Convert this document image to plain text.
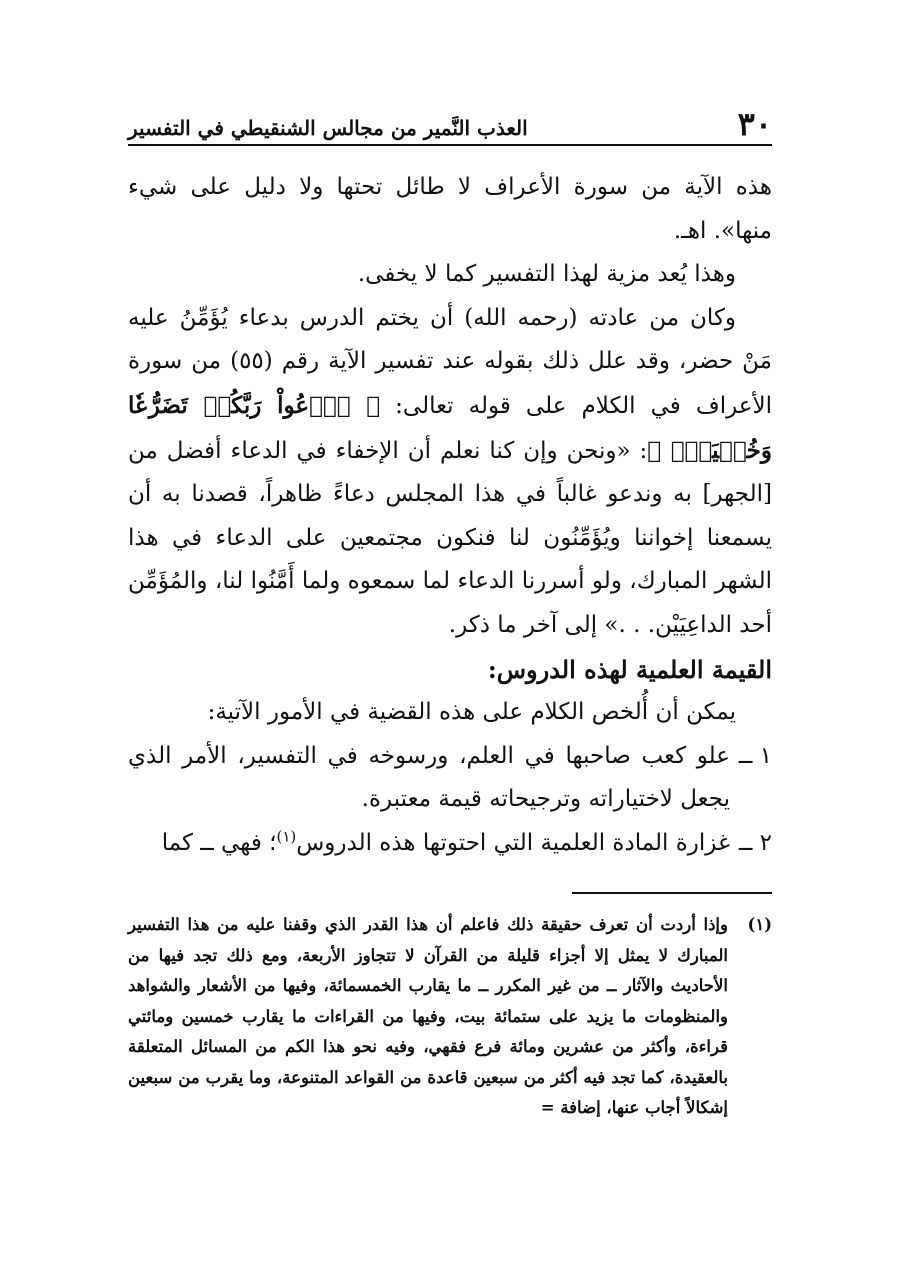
٣٠
العذب النَّمير من مجالس الشنقيطي في التفسير

هذه الآية من سورة الأعراف لا طائل تحتها ولا دليل على شيء منها». اهـ.

وهذا يُعد مزية لهذا التفسير كما لا يخفى.

وكان من عادته (رحمه الله) أن يختم الدرس بدعاء يُؤَمِّنُ عليه مَنْ حضر، وقد علل ذلك بقوله عند تفسير الآية رقم (٥٥) من سورة الأعراف في الكلام على قوله تعالى: ﴿ ٱدۡعُواْ رَبَّكُمۡ تَضَرُّعٗا وَخُفۡيَةًۚ ﴾: «ونحن وإن كنا نعلم أن الإخفاء في الدعاء أفضل من [الجهر] به وندعو غالباً في هذا المجلس دعاءً ظاهراً، قصدنا به أن يسمعنا إخواننا ويُؤَمِّنُون لنا فنكون مجتمعين على الدعاء في هذا الشهر المبارك، ولو أسررنا الدعاء لما سمعوه ولما أَمَّنُوا لنا، والمُؤَمِّن أحد الداعِيَيْن. . .» إلى آخر ما ذكر.

القيمة العلمية لهذه الدروس:

يمكن أن أُلخص الكلام على هذه القضية في الأمور الآتية:

١ ــعلو كعب صاحبها في العلم، ورسوخه في التفسير، الأمر الذي يجعل لاختياراته وترجيحاته قيمة معتبرة.

٢ ــغزارة المادة العلمية التي احتوتها هذه الدروس$^{(١)}$؛ فهي ــ كما

(١)وإذا أردت أن تعرف حقيقة ذلك فاعلم أن هذا القدر الذي وقفنا عليه من هذا التفسير المبارك لا يمثل إلا أجزاء قليلة من القرآن لا تتجاوز الأربعة، ومع ذلك تجد فيها من الأحاديث والآثار ــ من غير المكرر ــ ما يقارب الخمسمائة، وفيها من الأشعار والشواهد والمنظومات ما يزيد على ستمائة بيت، وفيها من القراءات ما يقارب خمسين ومائتي قراءة، وأكثر من عشرين ومائة فرع فقهي، وفيه نحو هذا الكم من المسائل المتعلقة بالعقيدة، كما تجد فيه أكثر من سبعين قاعدة من القواعد المتنوعة، وما يقرب من سبعين إشكالاً أجاب عنها، إضافة =
